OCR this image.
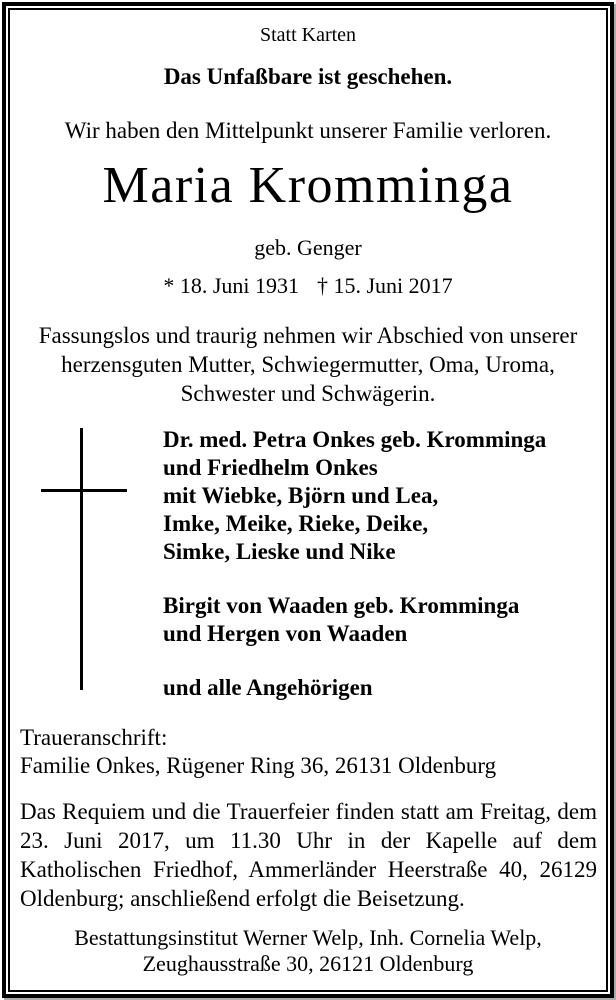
Statt Karten
Das Unfaßbare ist geschehen.
Wir haben den Mittelpunkt unserer Familie verloren.
Maria Kromminga
geb. Genger
* 18. Juni 1931 † 15. Juni 2017
Fassungslos und traurig nehmen wir Abschied von unserer
herzensguten Mutter, Schwiegermutter, Oma, Uroma,
Schwester und Schwägerin.
Dr. med. Petra Onkes geb. Kromminga
und Friedhelm Onkes
mit Wiebke, Björn und Lea,
Imke, Meike, Rieke, Deike,
Simke, Lieske und Nike
Birgit von Waaden geb. Kromminga
und Hergen von Waaden
und alle Angehörigen
Traueranschrift:
Familie Onkes, Rügener Ring 36, 26131 Oldenburg

Das Requiem und die Trauerfeier finden statt am Freitag, dem 23. Juni 2017, um 11.30 Uhr in der Kapelle auf dem Katholischen Friedhof, Ammerländer Heerstraße 40, 26129 Oldenburg; anschließend erfolgt die Beisetzung.

Bestattungsinstitut Werner Welp, Inh. Cornelia Welp,
Zeughausstraße 30, 26121 Oldenburg
